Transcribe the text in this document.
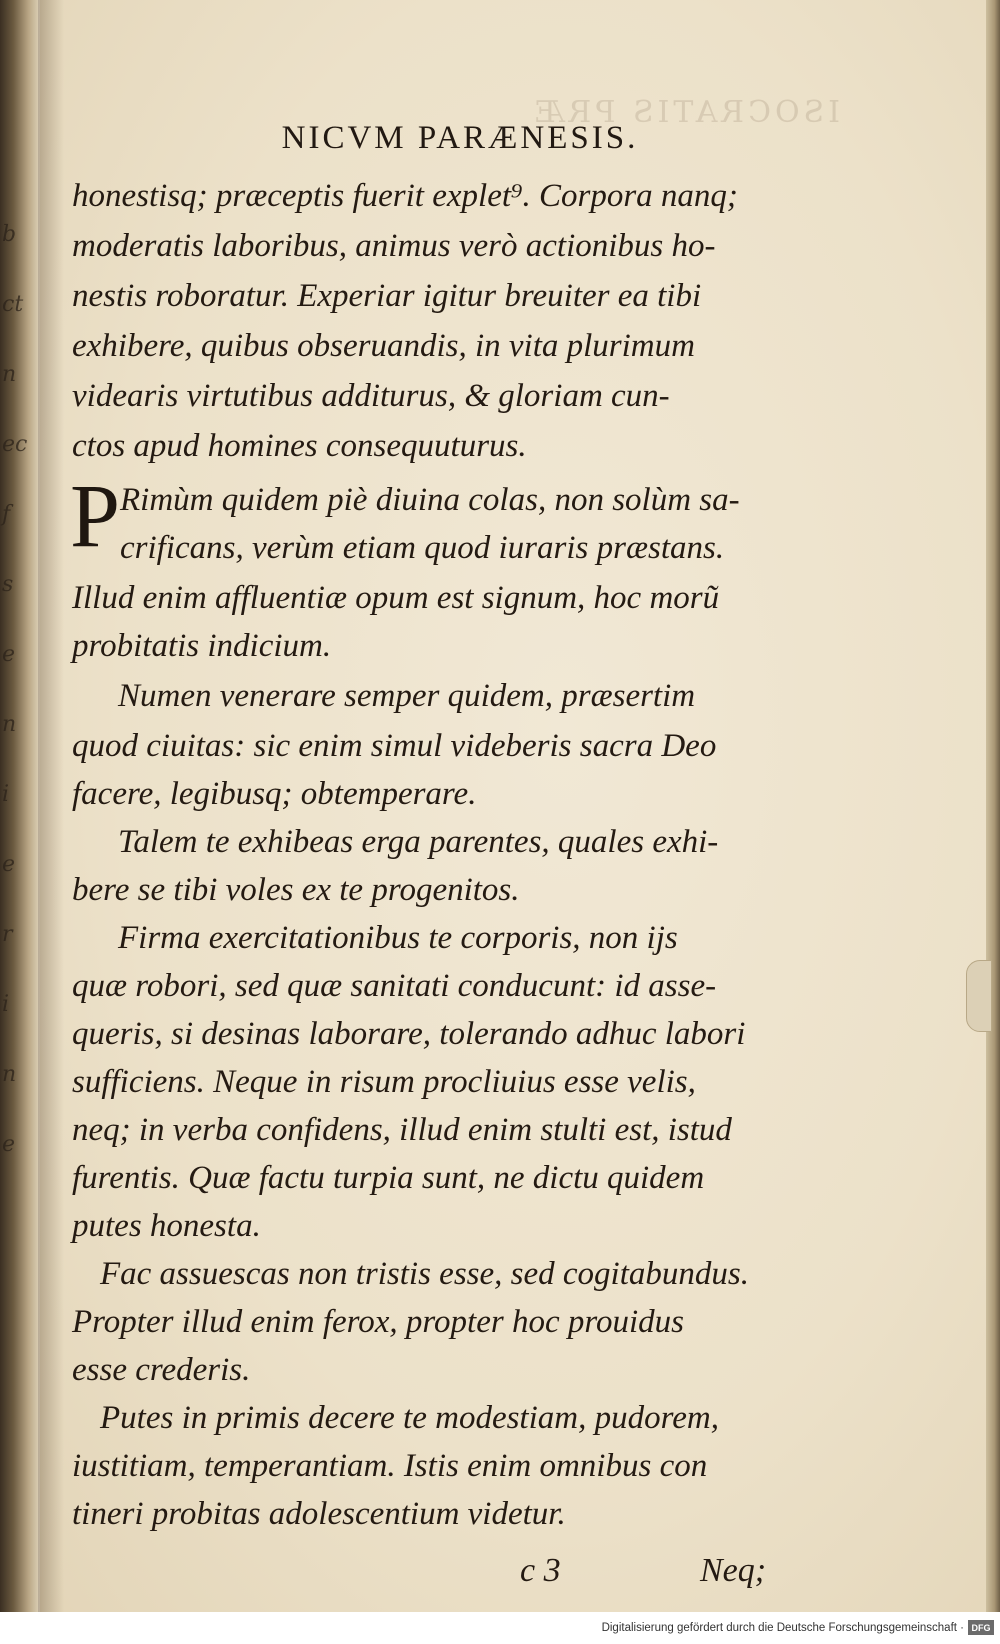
b
ct
n
ec
f
s
e
n
i
e
r
i
n
e
ISOCRATIS PRÆ
NICVM PARÆNESIS.
honestisq; præceptis fuerit explet⁹. Corpora nanq;
moderatis laboribus, animus verò actionibus ho-
nestis roboratur. Experiar igitur breuiter ea tibi
exhibere, quibus obseruandis, in vita plurimum
videaris virtutibus additurus, & gloriam cun-
ctos apud homines consequuturus.
P Rimùm quidem piè diuina colas, non solùm sa-
crificans, verùm etiam quod iuraris præstans.
Illud enim affluentiæ opum est signum, hoc morũ
probitatis indicium.
Numen venerare semper quidem, præsertim
quod ciuitas: sic enim simul videberis sacra Deo
facere, legibusq; obtemperare.
Talem te exhibeas erga parentes, quales exhi-
bere se tibi voles ex te progenitos.
Firma exercitationibus te corporis, non ijs
quæ robori, sed quæ sanitati conducunt: id asse-
queris, si desinas laborare, tolerando adhuc labori
sufficiens. Neque in risum procliuius esse velis,
neq; in verba confidens, illud enim stulti est, istud
furentis. Quæ factu turpia sunt, ne dictu quidem
putes honesta.
Fac assuescas non tristis esse, sed cogitabundus.
Propter illud enim ferox, propter hoc prouidus
esse crederis.
Putes in primis decere te modestiam, pudorem,
iustitiam, temperantiam. Istis enim omnibus con
tineri probitas adolescentium videtur.
c 3	Neq;
Digitalisierung gefördert durch die Deutsche Forschungsgemeinschaft · DFG
